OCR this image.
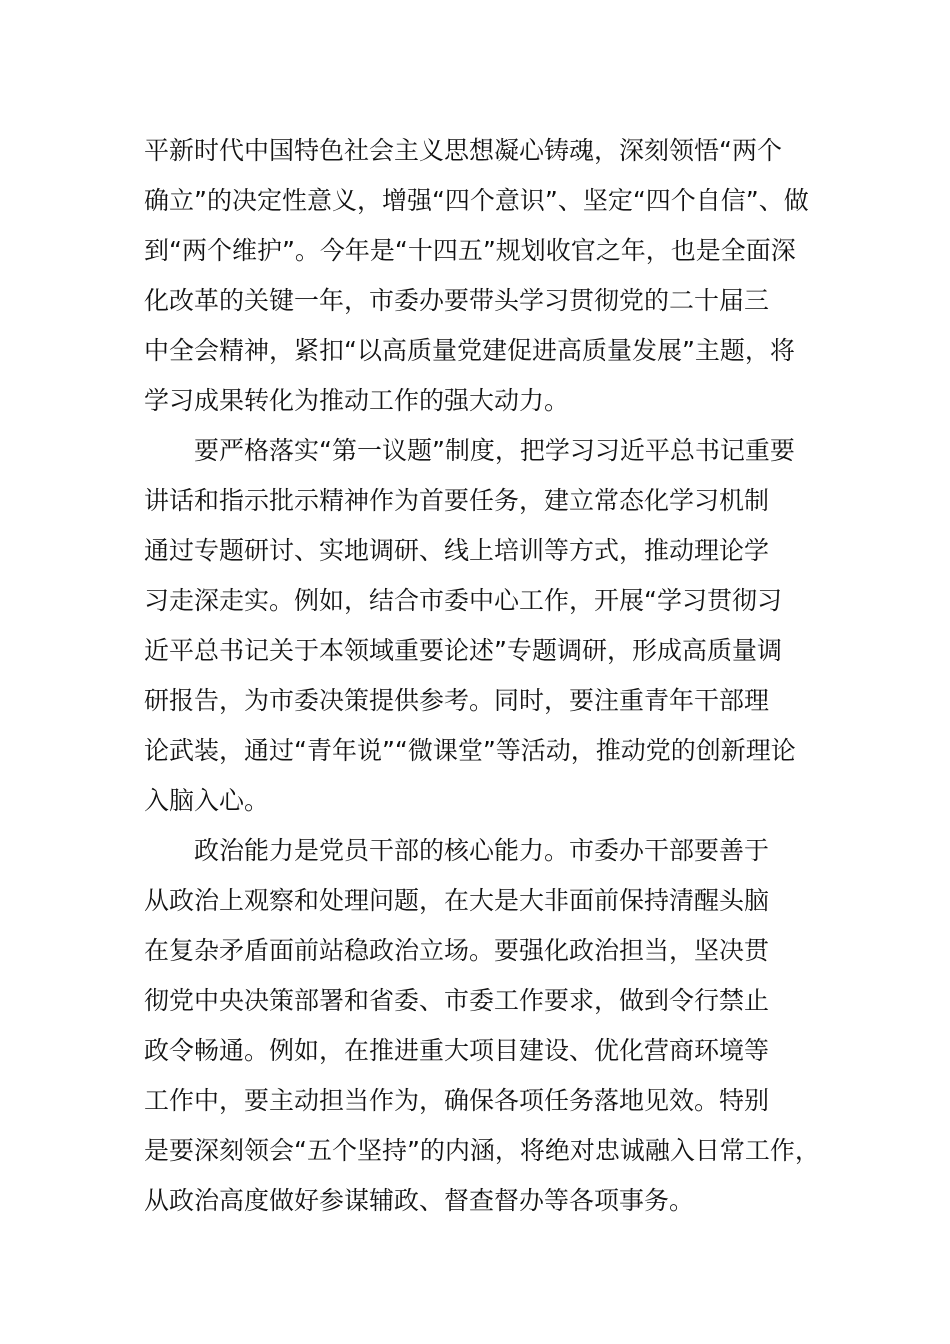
平新时代中国特色社会主义思想凝心铸魂，深刻领悟“两个
确立”的决定性意义，增强“四个意识”、坚定“四个自信”、做
到“两个维护”。今年是“十四五”规划收官之年，也是全面深
化改革的关键一年，市委办要带头学习贯彻党的二十届三
中全会精神，紧扣“以高质量党建促进高质量发展”主题，将
学习成果转化为推动工作的强大动力。
要严格落实“第一议题”制度，把学习习近平总书记重要
讲话和指示批示精神作为首要任务，建立常态化学习机制
通过专题研讨、实地调研、线上培训等方式，推动理论学
习走深走实。例如，结合市委中心工作，开展“学习贯彻习
近平总书记关于本领域重要论述”专题调研，形成高质量调
研报告，为市委决策提供参考。同时，要注重青年干部理
论武装，通过“青年说”“微课堂”等活动，推动党的创新理论
入脑入心。
政治能力是党员干部的核心能力。市委办干部要善于
从政治上观察和处理问题，在大是大非面前保持清醒头脑
在复杂矛盾面前站稳政治立场。要强化政治担当，坚决贯
彻党中央决策部署和省委、市委工作要求，做到令行禁止
政令畅通。例如，在推进重大项目建设、优化营商环境等
工作中，要主动担当作为，确保各项任务落地见效。特别
是要深刻领会“五个坚持”的内涵，将绝对忠诚融入日常工作，
从政治高度做好参谋辅政、督查督办等各项事务。
